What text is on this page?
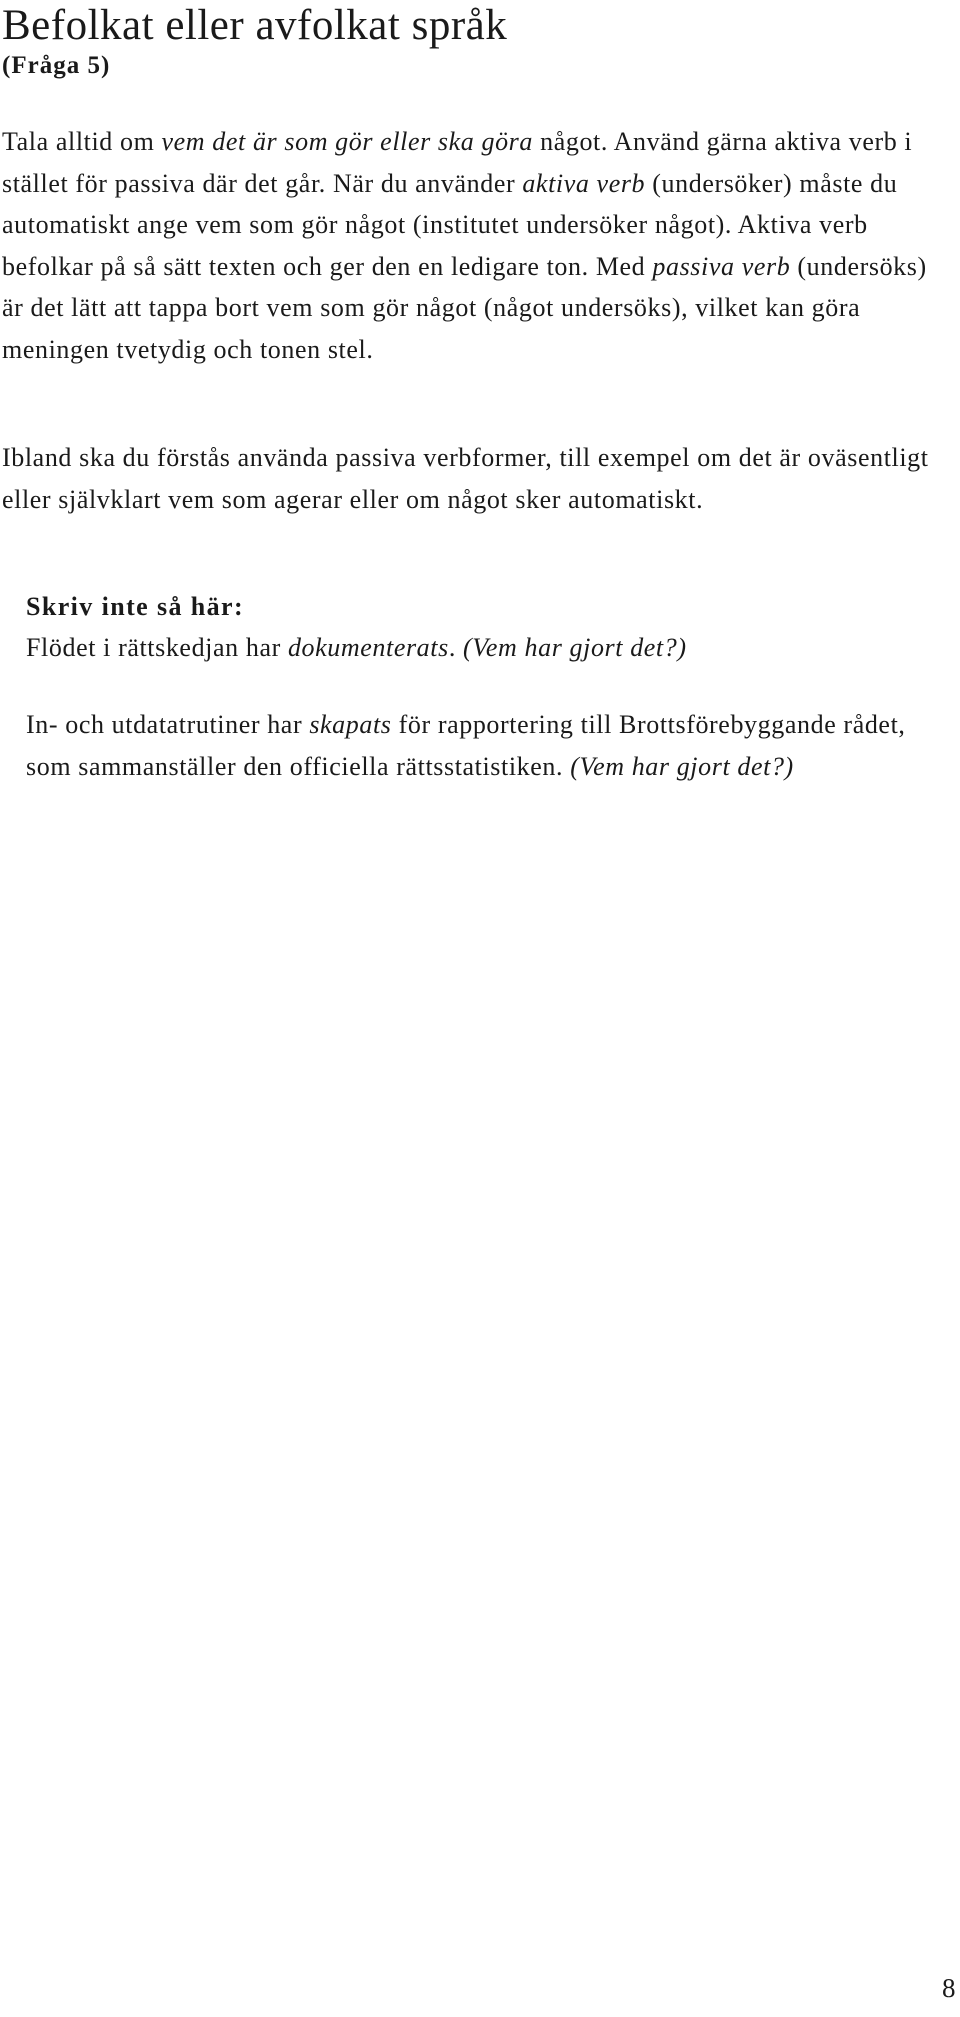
Befolkat eller avfolkat språk
(Fråga 5)

Tala alltid om vem det är som gör eller ska göra något. Använd gärna aktiva verb i stället för passiva där det går. När du använder aktiva verb (undersöker) måste du automatiskt ange vem som gör något (institutet undersöker något). Aktiva verb befolkar på så sätt texten och ger den en ledigare ton. Med passiva verb (undersöks) är det lätt att tappa bort vem som gör något (något undersöks), vilket kan göra meningen tvetydig och tonen stel.

Ibland ska du förstås använda passiva verbformer, till exempel om det är oväsentligt eller självklart vem som agerar eller om något sker automatiskt.

Skriv inte så här:

Flödet i rättskedjan har dokumenterats. (Vem har gjort det?)

In- och utdatatrutiner har skapats för rapportering till Brottsförebyggande rådet, som sammanställer den officiella rättsstatistiken. (Vem har gjort det?)

8
